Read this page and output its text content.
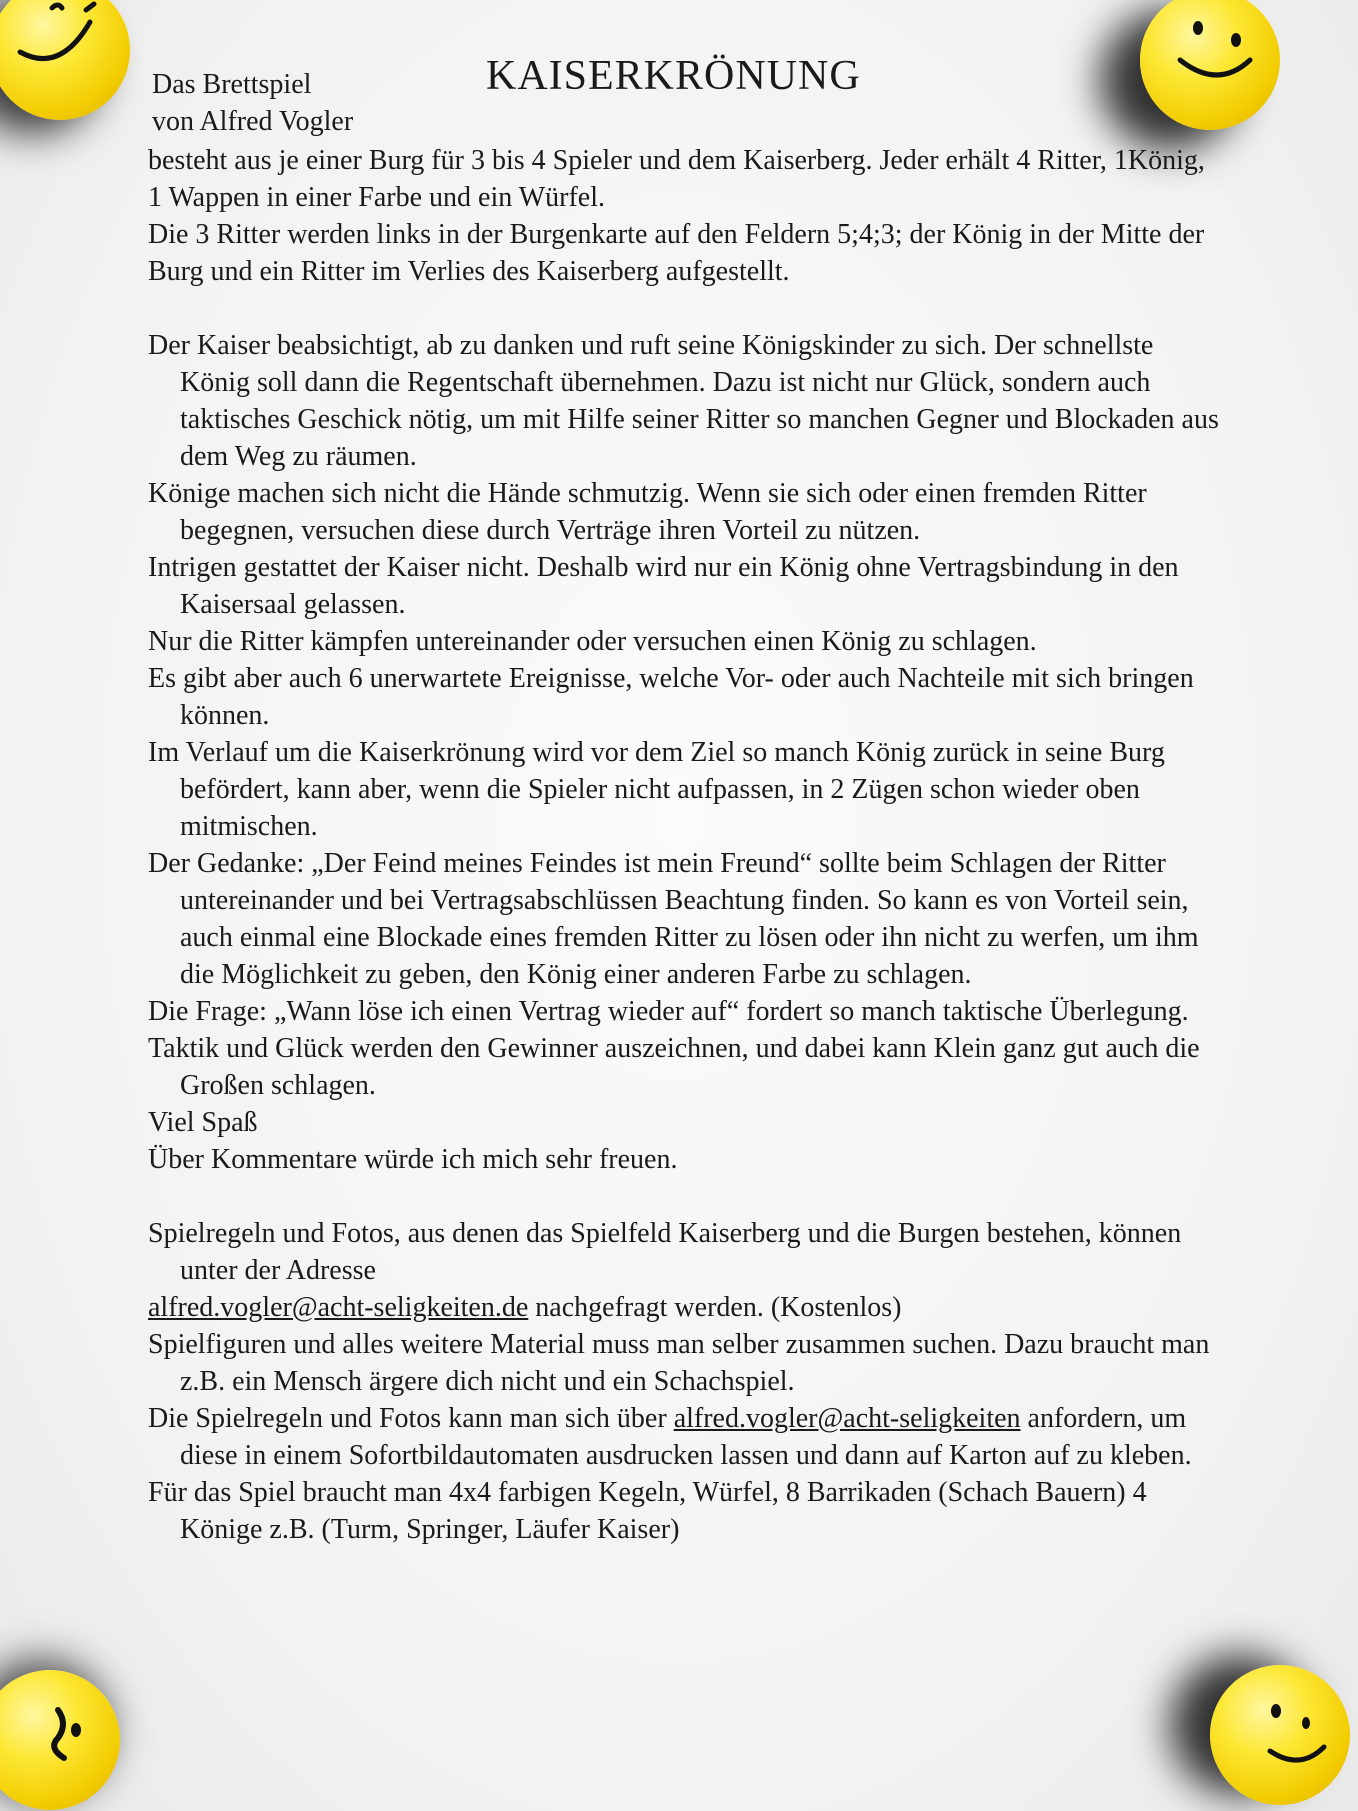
KAISERKRÖNUNG

Das Brettspiel
von Alfred Vogler

besteht aus je einer Burg für 3 bis 4 Spieler und dem Kaiserberg. Jeder erhält 4 Ritter, 1König, 1 Wappen in einer Farbe und ein Würfel.

Die 3 Ritter werden links in der Burgenkarte auf den Feldern 5;4;3; der König in der Mitte der Burg und ein Ritter im Verlies des Kaiserberg aufgestellt.

Der Kaiser beabsichtigt, ab zu danken und ruft seine Königskinder zu sich. Der schnellste König soll dann die Regentschaft übernehmen. Dazu ist nicht nur Glück, sondern auch taktisches Geschick nötig, um mit Hilfe seiner Ritter so manchen Gegner und Blockaden aus dem Weg zu räumen.

Könige machen sich nicht die Hände schmutzig. Wenn sie sich oder einen fremden Ritter begegnen, versuchen diese durch Verträge ihren Vorteil zu nützen.

Intrigen gestattet der Kaiser nicht. Deshalb wird nur ein König ohne Vertragsbindung in den Kaisersaal gelassen.

Nur die Ritter kämpfen untereinander oder versuchen einen König zu schlagen.

Es gibt aber auch 6 unerwartete Ereignisse, welche Vor- oder auch Nachteile mit sich bringen können.

Im Verlauf um die Kaiserkrönung wird vor dem Ziel so manch König zurück in seine Burg befördert, kann aber, wenn die Spieler nicht aufpassen, in 2 Zügen schon wieder oben mitmischen.

Der Gedanke: „Der Feind meines Feindes ist mein Freund“ sollte beim Schlagen der Ritter untereinander und bei Vertragsabschlüssen Beachtung finden. So kann es von Vorteil sein, auch einmal eine Blockade eines fremden Ritter zu lösen oder ihn nicht zu werfen, um ihm die Möglichkeit zu geben, den König einer anderen Farbe zu schlagen.

Die Frage: „Wann löse ich einen Vertrag wieder auf“ fordert so manch taktische Überlegung.

Taktik und Glück werden den Gewinner auszeichnen, und dabei kann Klein ganz gut auch die Großen schlagen.

Viel Spaß

Über Kommentare würde ich mich sehr freuen.

Spielregeln und Fotos, aus denen das Spielfeld Kaiserberg und die Burgen bestehen, können unter der Adresse

alfred.vogler@acht-seligkeiten.de nachgefragt werden. (Kostenlos)

Spielfiguren und alles weitere Material muss man selber zusammen suchen. Dazu braucht man z.B. ein Mensch ärgere dich nicht und ein Schachspiel.

Die Spielregeln und Fotos kann man sich über alfred.vogler@acht-seligkeiten anfordern, um diese in einem Sofortbildautomaten ausdrucken lassen und dann auf Karton auf zu kleben.

Für das Spiel braucht man 4x4 farbigen Kegeln, Würfel, 8 Barrikaden (Schach Bauern) 4 Könige z.B. (Turm, Springer, Läufer Kaiser)
